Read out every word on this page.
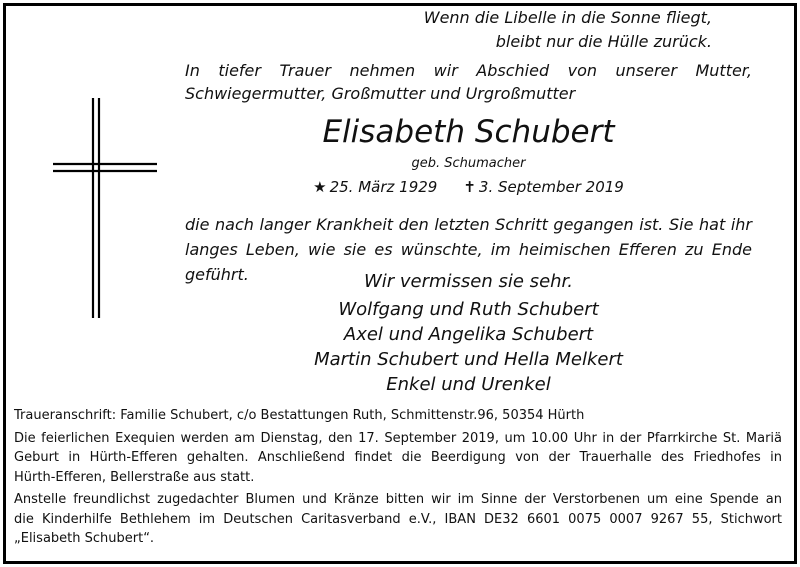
Wenn die Libelle in die Sonne fliegt,
bleibt nur die Hülle zurück.
In tiefer Trauer nehmen wir Abschied von unserer Mutter,
Schwiegermutter, Großmutter und Urgroßmutter
Elisabeth Schubert
geb. Schumacher
★ 25. März 1929 ✝ 3. September 2019
die nach langer Krankheit den letzten Schritt gegangen ist. Sie hat ihr
langes Leben, wie sie es wünschte, im heimischen Efferen zu Ende geführt.	Wir vermissen sie sehr.
Wolfgang und Ruth Schubert
Axel und Angelika Schubert
Martin Schubert und Hella Melkert
Enkel und Urenkel
Traueranschrift: Familie Schubert, c/o Bestattungen Ruth, Schmittenstr.96, 50354 Hürth
Die feierlichen Exequien werden am Dienstag, den 17. September 2019, um 10.00 Uhr in der Pfarrkirche St. Mariä
Geburt in Hürth-Efferen gehalten. Anschließend findet die Beerdigung von der Trauerhalle des Friedhofes in
Hürth-Efferen, Bellerstraße aus statt.
Anstelle freundlichst zugedachter Blumen und Kränze bitten wir im Sinne der Verstorbenen um eine Spende an
die Kinderhilfe Bethlehem im Deutschen Caritasverband e.V., IBAN DE32 6601 0075 0007 9267 55, Stichwort
„Elisabeth Schubert“.
